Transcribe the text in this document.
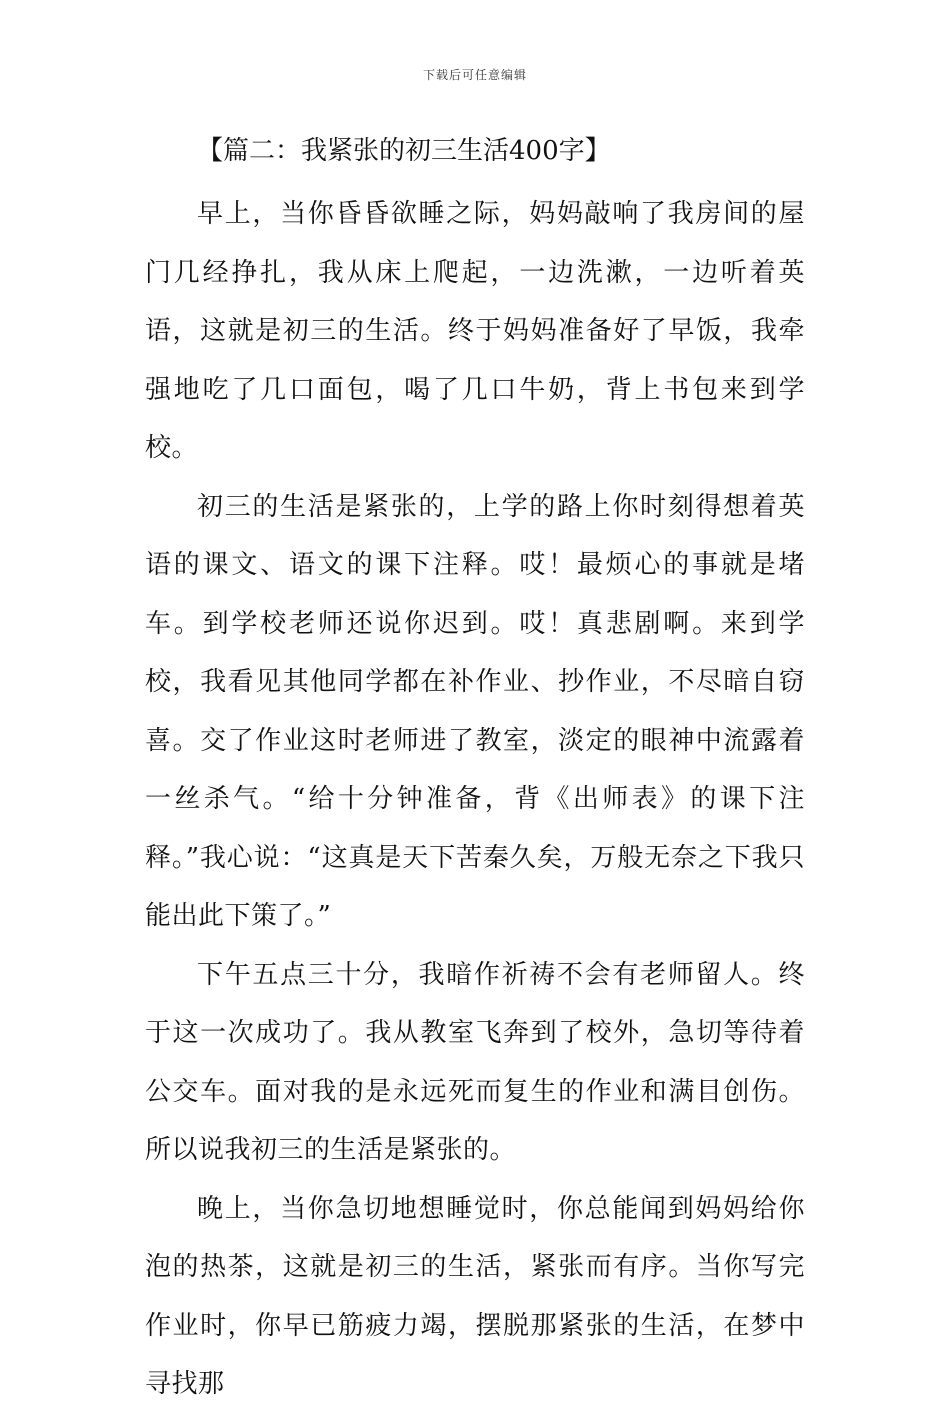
下载后可任意编辑
【篇二：我紧张的初三生活400字】

早上，当你昏昏欲睡之际，妈妈敲响了我房间的屋门几经挣扎，我从床上爬起，一边洗漱，一边听着英语，这就是初三的生活。终于妈妈准备好了早饭，我牵强地吃了几口面包，喝了几口牛奶，背上书包来到学校。

初三的生活是紧张的，上学的路上你时刻得想着英语的课文、语文的课下注释。哎！最烦心的事就是堵车。到学校老师还说你迟到。哎！真悲剧啊。来到学校，我看见其他同学都在补作业、抄作业，不尽暗自窃喜。交了作业这时老师进了教室，淡定的眼神中流露着一丝杀气。“给十分钟准备，背《出师表》的课下注释。”我心说：“这真是天下苦秦久矣，万般无奈之下我只能出此下策了。”

下午五点三十分，我暗作祈祷不会有老师留人。终于这一次成功了。我从教室飞奔到了校外，急切等待着公交车。面对我的是永远死而复生的作业和满目创伤。所以说我初三的生活是紧张的。

晚上，当你急切地想睡觉时，你总能闻到妈妈给你泡的热茶，这就是初三的生活，紧张而有序。当你写完作业时，你早已筋疲力竭，摆脱那紧张的生活，在梦中寻找那
